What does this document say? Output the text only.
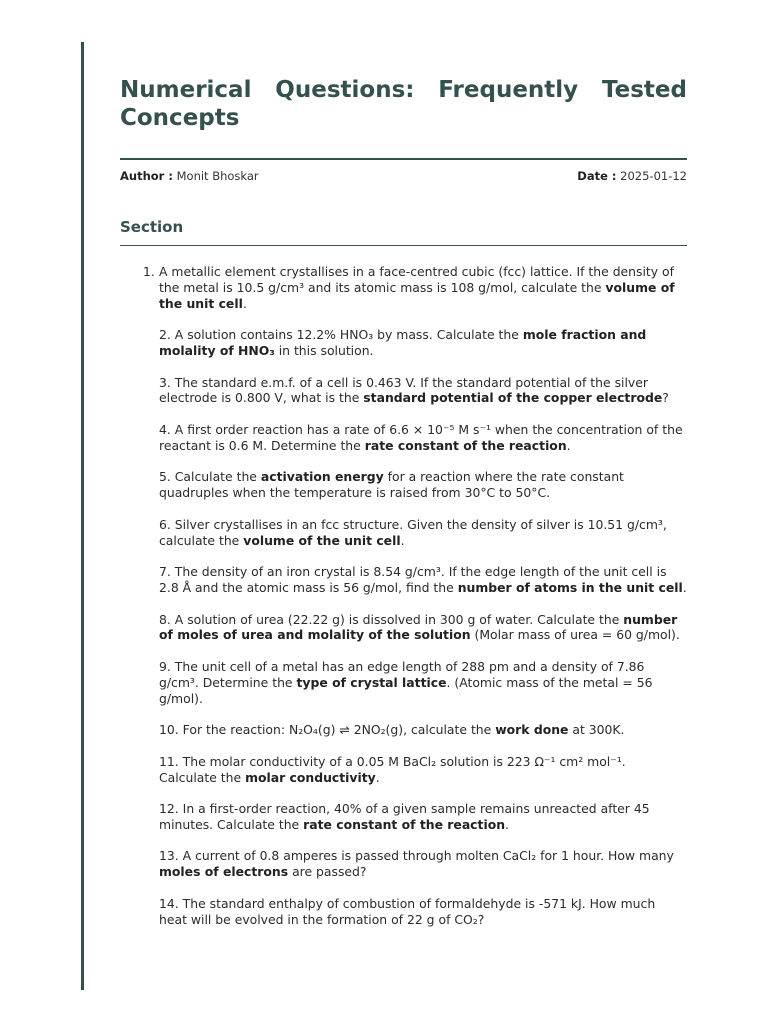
Numerical Questions: Frequently Tested Concepts
Author : Monit Bhoskar	Date : 2025-01-12
Section
1. A metallic element crystallises in a face-centred cubic (fcc) lattice. If the density of the metal is 10.5 g/cm³ and its atomic mass is 108 g/mol, calculate the volume of the unit cell.
2. A solution contains 12.2% HNO₃ by mass. Calculate the mole fraction and molality of HNO₃ in this solution.
3. The standard e.m.f. of a cell is 0.463 V. If the standard potential of the silver electrode is 0.800 V, what is the standard potential of the copper electrode?
4. A first order reaction has a rate of 6.6 × 10⁻⁵ M s⁻¹ when the concentration of the reactant is 0.6 M. Determine the rate constant of the reaction.
5. Calculate the activation energy for a reaction where the rate constant quadruples when the temperature is raised from 30°C to 50°C.
6. Silver crystallises in an fcc structure. Given the density of silver is 10.51 g/cm³, calculate the volume of the unit cell.
7. The density of an iron crystal is 8.54 g/cm³. If the edge length of the unit cell is 2.8 Å and the atomic mass is 56 g/mol, find the number of atoms in the unit cell.
8. A solution of urea (22.22 g) is dissolved in 300 g of water. Calculate the number of moles of urea and molality of the solution (Molar mass of urea = 60 g/mol).
9. The unit cell of a metal has an edge length of 288 pm and a density of 7.86 g/cm³. Determine the type of crystal lattice. (Atomic mass of the metal = 56 g/mol).
10. For the reaction: N₂O₄(g) ⇌ 2NO₂(g), calculate the work done at 300K.
11. The molar conductivity of a 0.05 M BaCl₂ solution is 223 Ω⁻¹ cm² mol⁻¹. Calculate the molar conductivity.
12. In a first-order reaction, 40% of a given sample remains unreacted after 45 minutes. Calculate the rate constant of the reaction.
13. A current of 0.8 amperes is passed through molten CaCl₂ for 1 hour. How many moles of electrons are passed?
14. The standard enthalpy of combustion of formaldehyde is -571 kJ. How much heat will be evolved in the formation of 22 g of CO₂?
